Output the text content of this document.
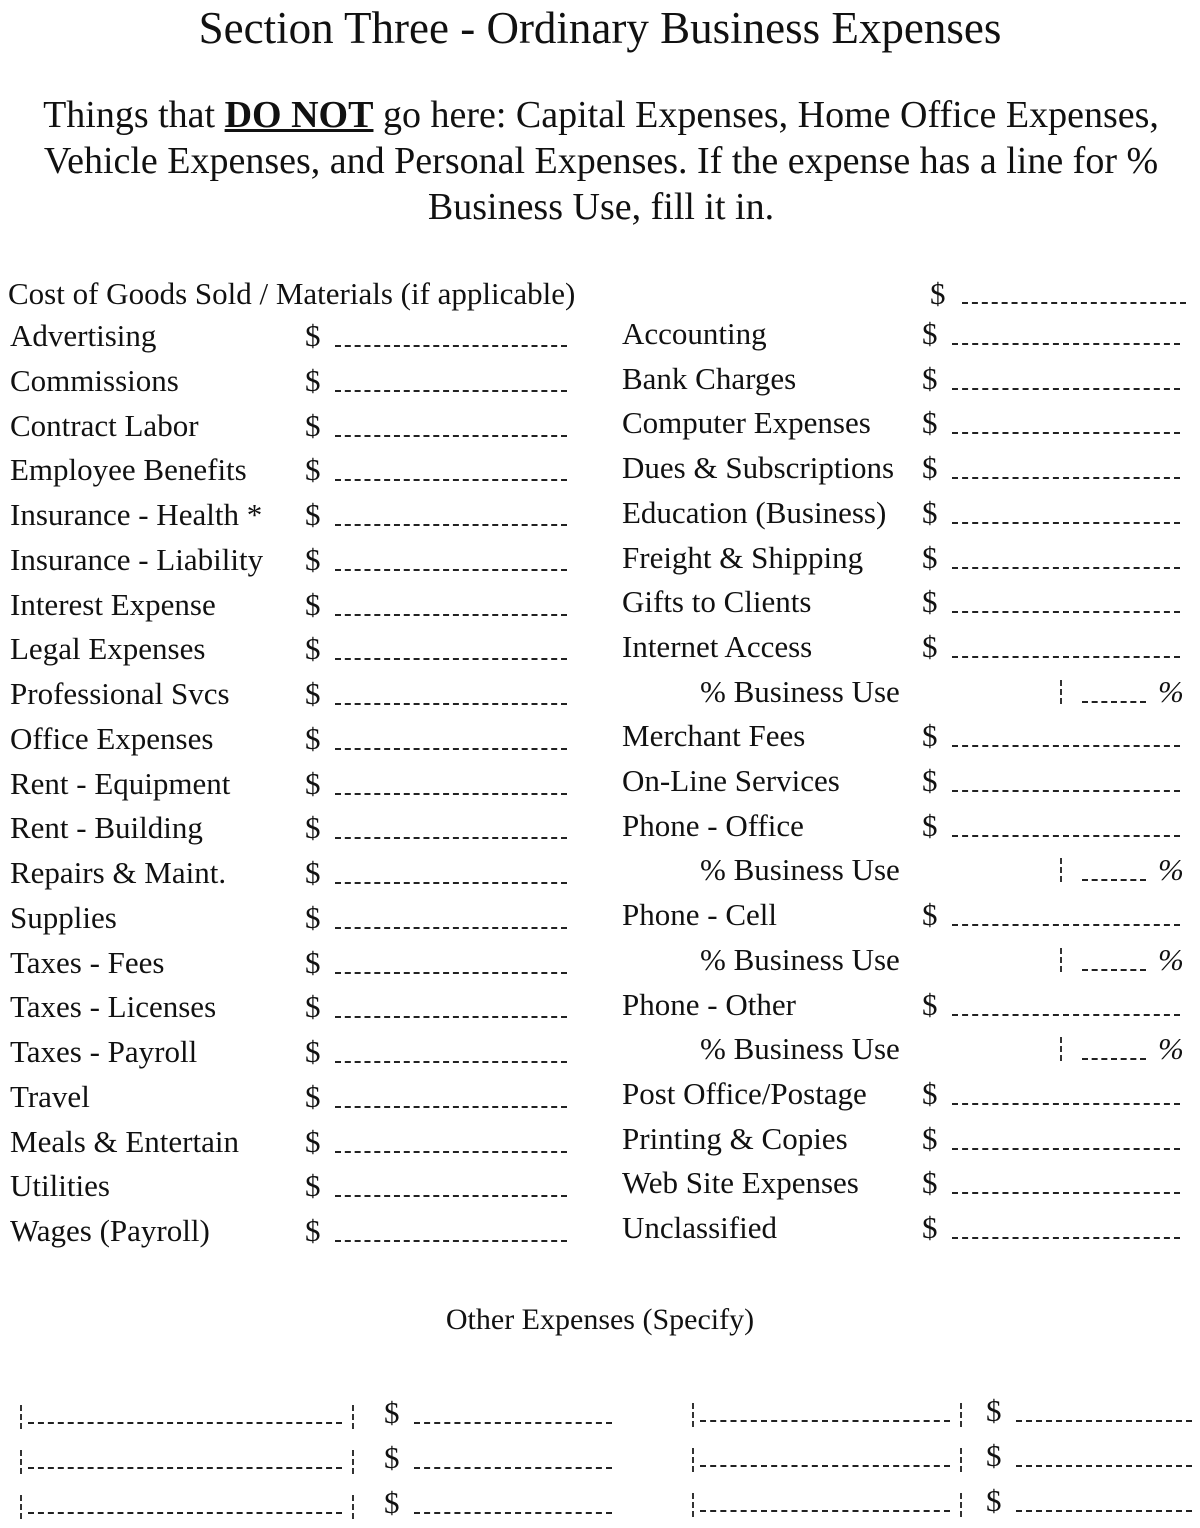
Section Three - Ordinary Business Expenses
Things that DO NOT go here: Capital Expenses, Home Office Expenses, Vehicle Expenses, and Personal Expenses. If the expense has a line for % Business Use, fill it in.
Cost of Goods Sold / Materials (if applicable)	$
Advertising	$
Commissions	$
Contract Labor	$
Employee Benefits $
Insurance - Health * $
Insurance - Liability $
Interest Expense	$
Legal Expenses	$
Professional Svcs $
Office Expenses	$
Rent - Equipment $
Rent - Building	$
Repairs & Maint.	$
Supplies	$
Taxes - Fees	$
Taxes - Licenses	$
Taxes - Payroll	$
Travel	$
Meals & Entertain $
Utilities	$
Wages (Payroll)	$
Accounting	$
Bank Charges	$
Computer Expenses $
Dues & Subscriptions $
Education (Business) $
Freight & Shipping $
Gifts to Clients	$
Internet Access	$
% Business Use	%
Merchant Fees	$
On-Line Services	$
Phone - Office	$
% Business Use	%
Phone - Cell	$
% Business Use	%
Phone - Other	$
% Business Use	%
Post Office/Postage $
Printing & Copies $
Web Site Expenses $
Unclassified	$
Other Expenses (Specify)
$
$
$
$
$
$
